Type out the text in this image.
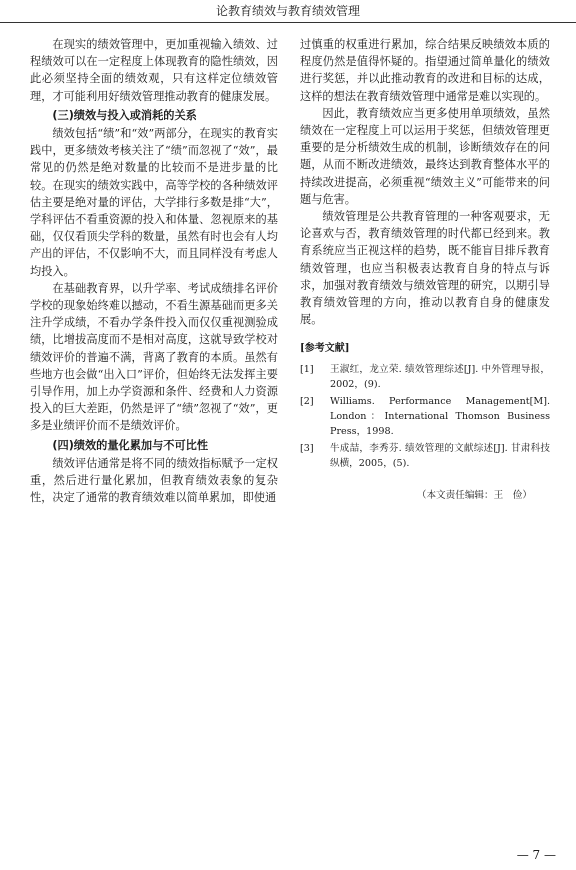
论教育绩效与教育绩效管理

在现实的绩效管理中，更加重视输入绩效、过程绩效可以在一定程度上体现教育的隐性绩效，因此必须坚持全面的绩效观，只有这样定位绩效管理，才可能利用好绩效管理推动教育的健康发展。

(三)绩效与投入或消耗的关系

绩效包括“绩”和“效”两部分，在现实的教育实践中，更多绩效考核关注了“绩”而忽视了“效”，最常见的仍然是绝对数量的比较而不是进步量的比较。在现实的绩效实践中，高等学校的各种绩效评估主要是绝对量的评估，大学排行多数是排“大”，学科评估不看重资源的投入和体量、忽视原来的基础，仅仅看顶尖学科的数量，虽然有时也会有人均产出的评估，不仅影响不大，而且同样没有考虑人均投入。

在基础教育界，以升学率、考试成绩排名评价学校的现象始终难以撼动，不看生源基础而更多关注升学成绩，不看办学条件投入而仅仅重视测验成绩，比增拔高度而不是相对高度，这就导致学校对绩效评价的普遍不满，背离了教育的本质。虽然有些地方也会做“出入口”评价，但始终无法发挥主要引导作用，加上办学资源和条件、经费和人力资源投入的巨大差距，仍然是评了“绩”忽视了“效”，更多是业绩评价而不是绩效评价。

(四)绩效的量化累加与不可比性

绩效评估通常是将不同的绩效指标赋予一定权重，然后进行量化累加，但教育绩效表象的复杂性，决定了通常的教育绩效难以简单累加，即使通

过慎重的权重进行累加，综合结果反映绩效本质的程度仍然是值得怀疑的。指望通过简单量化的绩效进行奖惩，并以此推动教育的改进和目标的达成，这样的想法在教育绩效管理中通常是难以实现的。

因此，教育绩效应当更多使用单项绩效，虽然绩效在一定程度上可以运用于奖惩，但绩效管理更重要的是分析绩效生成的机制，诊断绩效存在的问题，从而不断改进绩效，最终达到教育整体水平的持续改进提高，必须重视“绩效主义”可能带来的问题与危害。

绩效管理是公共教育管理的一种客观要求，无论喜欢与否，教育绩效管理的时代都已经到来。教育系统应当正视这样的趋势，既不能盲目排斥教育绩效管理，也应当积极表达教育自身的特点与诉求，加强对教育绩效与绩效管理的研究，以期引导教育绩效管理的方向，推动以教育自身的健康发展。

[参考文献]
[1]	王淑红，龙立荣. 绩效管理综述[J]. 中外管理导报，2002，(9).
[2]	Williams. Performance Management[M]. London：International Thomson Business Press，1998.
[3]	牛成喆，李秀芬. 绩效管理的文献综述[J]. 甘肃科技纵横，2005，(5).
（本文责任编辑：王　俭）
— 7 —
